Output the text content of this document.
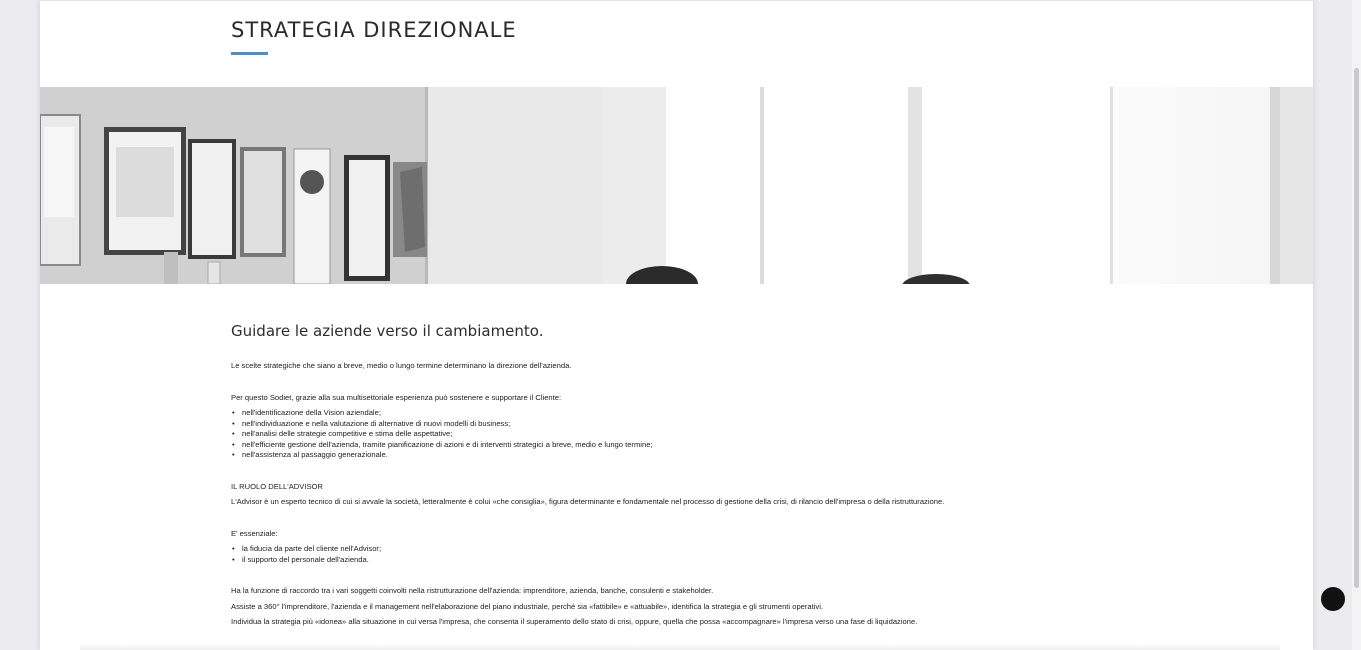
STRATEGIA DIREZIONALE
Guidare le aziende verso il cambiamento.

Le scelte strategiche che siano a breve, medio o lungo termine determinano la direzione dell'azienda.

Per questo Sodiet, grazie alla sua multisettoriale esperienza può sostenere e supportare il Cliente:

• nell'identificazione della Vision aziendale;
• nell'individuazione e nella valutazione di alternative di nuovi modelli di business;
• nell'analisi delle strategie competitive e stima delle aspettative;
• nell'efficiente gestione dell'azienda, tramite pianificazione di azioni e di interventi strategici a breve, medio e lungo termine;
• nell'assistenza al passaggio generazionale.

IL RUOLO DELL'ADVISOR

L'Advisor è un esperto tecnico di cui si avvale la società, letteralmente è colui «che consiglia», figura determinante e fondamentale nel processo di gestione della crisi, di rilancio dell'impresa o della ristrutturazione.

E' essenziale:

• la fiducia da parte del cliente nell'Advisor;
• il supporto del personale dell'azienda.

Ha la funzione di raccordo tra i vari soggetti coinvolti nella ristrutturazione dell'azienda: imprenditore, azienda, banche, consulenti e stakeholder.

Assiste a 360° l'imprenditore, l'azienda e il management nell'elaborazione del piano industriale, perché sia «fattibile» e «attuabile», identifica la strategia e gli strumenti operativi.

Individua la strategia più «idonea» alla situazione in cui versa l'impresa, che consenta il superamento dello stato di crisi, oppure, quella che possa «accompagnare» l'impresa verso una fase di liquidazione.
